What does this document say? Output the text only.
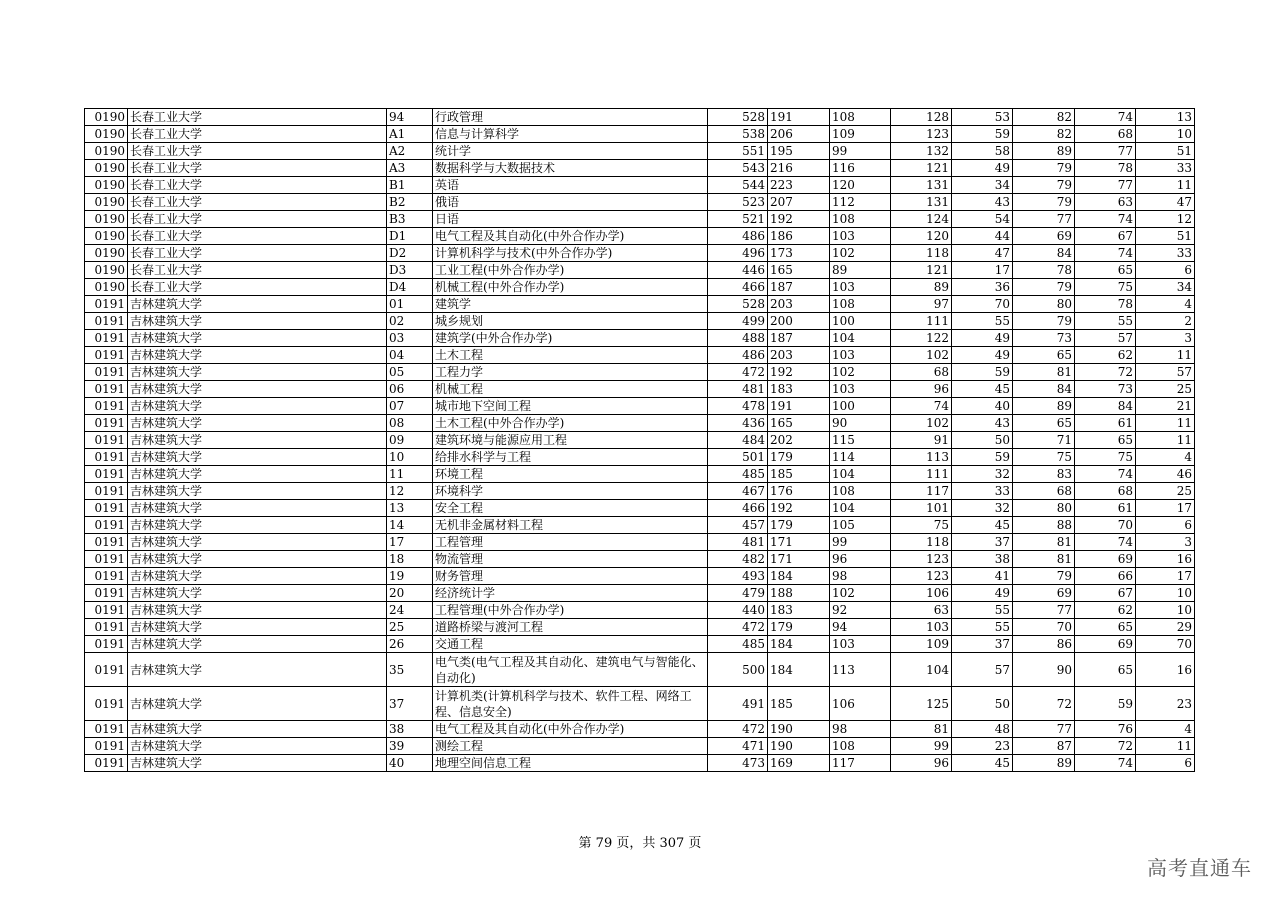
0190	长春工业大学	94	行政管理	528	191	108	128	53	82	74	13
0190	长春工业大学	A1	信息与计算科学	538	206	109	123	59	82	68	10
0190	长春工业大学	A2	统计学	551	195	99	132	58	89	77	51
0190	长春工业大学	A3	数据科学与大数据技术	543	216	116	121	49	79	78	33
0190	长春工业大学	B1	英语	544	223	120	131	34	79	77	11
0190	长春工业大学	B2	俄语	523	207	112	131	43	79	63	47
0190	长春工业大学	B3	日语	521	192	108	124	54	77	74	12
0190	长春工业大学	D1	电气工程及其自动化(中外合作办学)	486	186	103	120	44	69	67	51
0190	长春工业大学	D2	计算机科学与技术(中外合作办学)	496	173	102	118	47	84	74	33
0190	长春工业大学	D3	工业工程(中外合作办学)	446	165	89	121	17	78	65	6
0190	长春工业大学	D4	机械工程(中外合作办学)	466	187	103	89	36	79	75	34
0191	吉林建筑大学	01	建筑学	528	203	108	97	70	80	78	4
0191	吉林建筑大学	02	城乡规划	499	200	100	111	55	79	55	2
0191	吉林建筑大学	03	建筑学(中外合作办学)	488	187	104	122	49	73	57	3
0191	吉林建筑大学	04	土木工程	486	203	103	102	49	65	62	11
0191	吉林建筑大学	05	工程力学	472	192	102	68	59	81	72	57
0191	吉林建筑大学	06	机械工程	481	183	103	96	45	84	73	25
0191	吉林建筑大学	07	城市地下空间工程	478	191	100	74	40	89	84	21
0191	吉林建筑大学	08	土木工程(中外合作办学)	436	165	90	102	43	65	61	11
0191	吉林建筑大学	09	建筑环境与能源应用工程	484	202	115	91	50	71	65	11
0191	吉林建筑大学	10	给排水科学与工程	501	179	114	113	59	75	75	4
0191	吉林建筑大学	11	环境工程	485	185	104	111	32	83	74	46
0191	吉林建筑大学	12	环境科学	467	176	108	117	33	68	68	25
0191	吉林建筑大学	13	安全工程	466	192	104	101	32	80	61	17
0191	吉林建筑大学	14	无机非金属材料工程	457	179	105	75	45	88	70	6
0191	吉林建筑大学	17	工程管理	481	171	99	118	37	81	74	3
0191	吉林建筑大学	18	物流管理	482	171	96	123	38	81	69	16
0191	吉林建筑大学	19	财务管理	493	184	98	123	41	79	66	17
0191	吉林建筑大学	20	经济统计学	479	188	102	106	49	69	67	10
0191	吉林建筑大学	24	工程管理(中外合作办学)	440	183	92	63	55	77	62	10
0191	吉林建筑大学	25	道路桥梁与渡河工程	472	179	94	103	55	70	65	29
0191	吉林建筑大学	26	交通工程	485	184	103	109	37	86	69	70
0191	吉林建筑大学	35	电气类(电气工程及其自动化、建筑电气与智能化、自动化)	500	184	113	104	57	90	65	16
0191	吉林建筑大学	37	计算机类(计算机科学与技术、软件工程、网络工程、信息安全)	491	185	106	125	50	72	59	23
0191	吉林建筑大学	38	电气工程及其自动化(中外合作办学)	472	190	98	81	48	77	76	4
0191	吉林建筑大学	39	测绘工程	471	190	108	99	23	87	72	11
0191	吉林建筑大学	40	地理空间信息工程	473	169	117	96	45	89	74	6
第 79 页，共 307 页
高考直通车
